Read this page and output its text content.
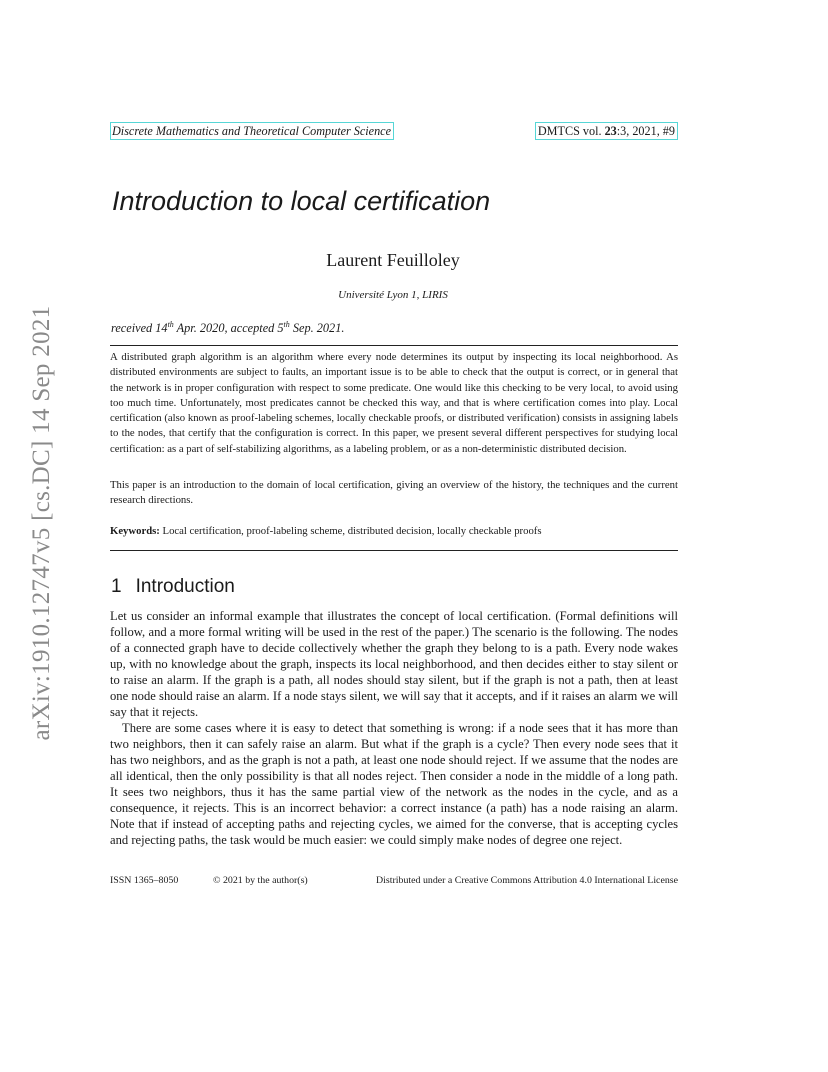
arXiv:1910.12747v5 [cs.DC] 14 Sep 2021
Discrete Mathematics and Theoretical Computer Science	DMTCS vol. 23:3, 2021, #9
Introduction to local certification
Laurent Feuilloley
Université Lyon 1, LIRIS
received 14th Apr. 2020, accepted 5th Sep. 2021.

A distributed graph algorithm is an algorithm where every node determines its output by inspecting its local neighborhood. As distributed environments are subject to faults, an important issue is to be able to check that the output is correct, or in general that the network is in proper configuration with respect to some predicate. One would like this checking to be very local, to avoid using too much time. Unfortunately, most predicates cannot be checked this way, and that is where certification comes into play. Local certification (also known as proof-labeling schemes, locally checkable proofs, or distributed verification) consists in assigning labels to the nodes, that certify that the configuration is correct. In this paper, we present several different perspectives for studying local certification: as a part of self-stabilizing algorithms, as a labeling problem, or as a non-deterministic distributed decision.

This paper is an introduction to the domain of local certification, giving an overview of the history, the techniques and the current research directions.

Keywords: Local certification, proof-labeling scheme, distributed decision, locally checkable proofs

1 Introduction

Let us consider an informal example that illustrates the concept of local certification. (Formal definitions will follow, and a more formal writing will be used in the rest of the paper.) The scenario is the following. The nodes of a connected graph have to decide collectively whether the graph they belong to is a path. Every node wakes up, with no knowledge about the graph, inspects its local neighborhood, and then decides either to stay silent or to raise an alarm. If the graph is a path, all nodes should stay silent, but if the graph is not a path, then at least one node should raise an alarm. If a node stays silent, we will say that it accepts, and if it raises an alarm we will say that it rejects.

There are some cases where it is easy to detect that something is wrong: if a node sees that it has more than two neighbors, then it can safely raise an alarm. But what if the graph is a cycle? Then every node sees that it has two neighbors, and as the graph is not a path, at least one node should reject. If we assume that the nodes are all identical, then the only possibility is that all nodes reject. Then consider a node in the middle of a long path. It sees two neighbors, thus it has the same partial view of the network as the nodes in the cycle, and as a consequence, it rejects. This is an incorrect behavior: a correct instance (a path) has a node raising an alarm. Note that if instead of accepting paths and rejecting cycles, we aimed for the converse, that is accepting cycles and rejecting paths, the task would be much easier: we could simply make nodes of degree one reject.

ISSN 1365–8050	© 2021 by the author(s)	Distributed under a Creative Commons Attribution 4.0 International License
